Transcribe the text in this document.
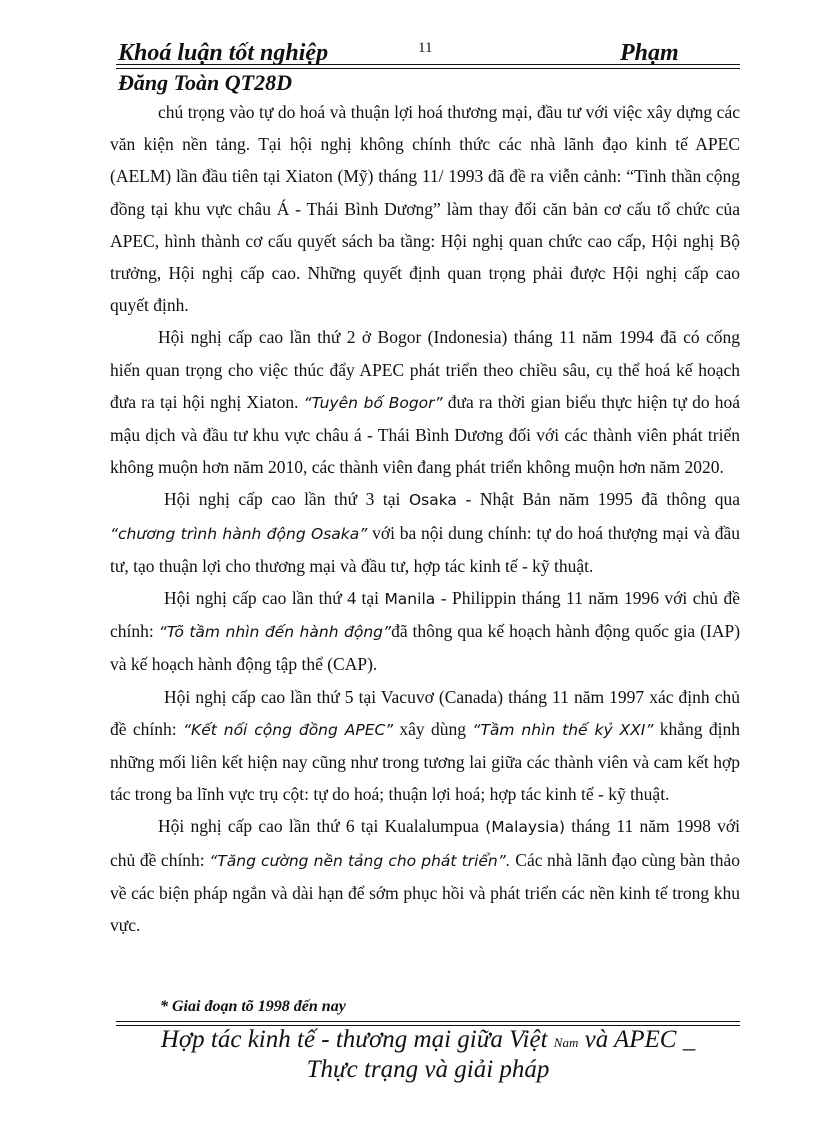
Khoá luận tốt nghiệp	11	Phạm
Đăng Toàn QT28D

chú trọng vào tự do hoá và thuận lợi hoá thương mại, đầu tư với việc xây dựng các văn kiện nền tảng. Tại hội nghị không chính thức các nhà lãnh đạo kinh tế APEC (AELM) lần đầu tiên tại Xiaton (Mỹ) tháng 11/ 1993 đã đề ra viễn cảnh: “Tinh thần cộng đồng tại khu vực châu Á - Thái Bình Dương” làm thay đổi căn bản cơ cấu tổ chức của APEC, hình thành cơ cấu quyết sách ba tầng: Hội nghị quan chức cao cấp, Hội nghị Bộ trưởng, Hội nghị cấp cao. Những quyết định quan trọng phải được Hội nghị cấp cao quyết định.

Hội nghị cấp cao lần thứ 2 ở Bogor (Indonesia) tháng 11 năm 1994 đã có cống hiến quan trọng cho việc thúc đẩy APEC phát triển theo chiều sâu, cụ thể hoá kế hoạch đưa ra tại hội nghị Xiaton. “Tuyên bố Bogor” đưa ra thời gian biểu thực hiện tự do hoá mậu dịch và đầu tư khu vực châu á - Thái Bình Dương đối với các thành viên phát triển không muộn hơn năm 2010, các thành viên đang phát triển không muộn hơn năm 2020.

Hội nghị cấp cao lần thứ 3 tại Osaka - Nhật Bản năm 1995 đã thông qua “chương trình hành động Osaka” với ba nội dung chính: tự do hoá thượng mại và đầu tư, tạo thuận lợi cho thương mại và đầu tư, hợp tác kinh tế - kỹ thuật.

Hội nghị cấp cao lần thứ 4 tại Manila - Philippin tháng 11 năm 1996 với chủ đề chính: “Tõ tầm nhìn đến hành động”đã thông qua kế hoạch hành động quốc gia (IAP) và kế hoạch hành động tập thể (CAP).

Hội nghị cấp cao lần thứ 5 tại Vacuvơ (Canada) tháng 11 năm 1997 xác định chủ đề chính: “Kết nối cộng đồng APEC” xây dùng “Tầm nhìn thế kỷ XXI” khẳng định những mối liên kết hiện nay cũng như trong tương lai giữa các thành viên và cam kết hợp tác trong ba lĩnh vực trụ cột: tự do hoá; thuận lợi hoá; hợp tác kinh tế - kỹ thuật.

Hội nghị cấp cao lần thứ 6 tại Kualalumpua (Malaysia) tháng 11 năm 1998 với chủ đề chính: “Tăng cường nền tảng cho phát triển”. Các nhà lãnh đạo cùng bàn thảo về các biện pháp ngắn và dài hạn để sớm phục hồi và phát triển các nền kinh tế trong khu vực.

* Giai đoạn tõ 1998 đến nay
Hợp tác kinh tế - thương mại giữa Việt Nam và APEC _
Thực trạng và giải pháp
